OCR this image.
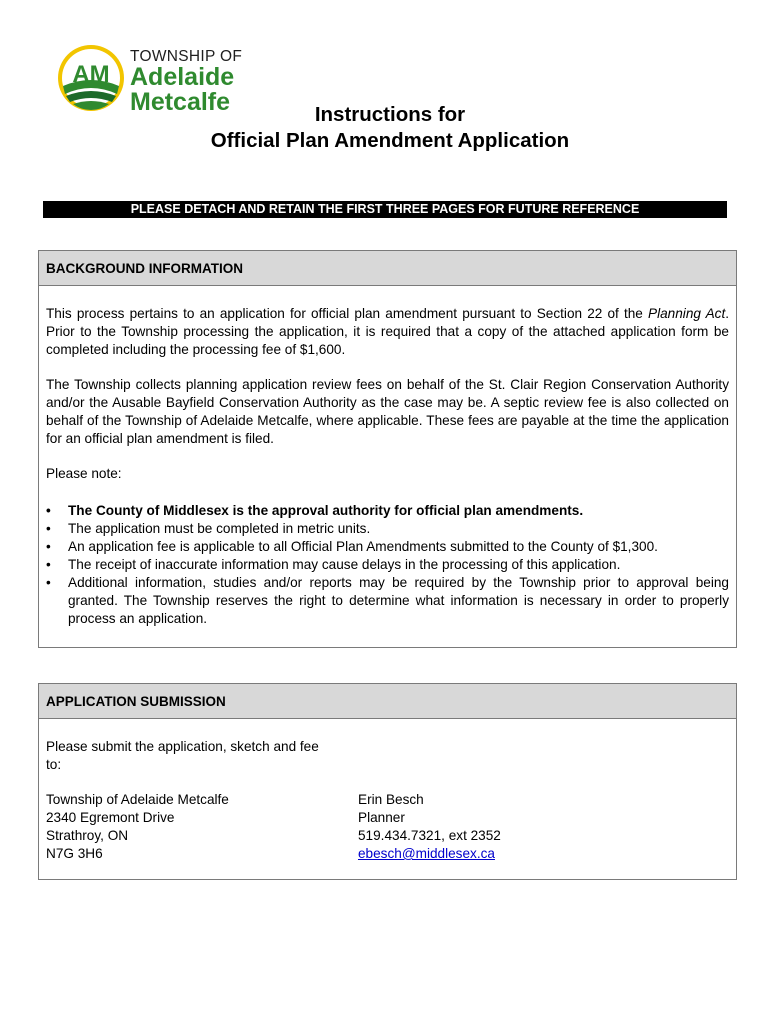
AM
TOWNSHIP OF
Adelaide
Metcalfe	Instructions for
Official Plan Amendment Application
PLEASE DETACH AND RETAIN THE FIRST THREE PAGES FOR FUTURE REFERENCE
BACKGROUND INFORMATION
This process pertains to an application for official plan amendment pursuant to Section 22 of the Planning Act. Prior to the Township processing the application, it is required that a copy of the attached application form be completed including the processing fee of $1,600.
The Township collects planning application review fees on behalf of the St. Clair Region Conservation Authority and/or the Ausable Bayfield Conservation Authority as the case may be. A septic review fee is also collected on behalf of the Township of Adelaide Metcalfe, where applicable. These fees are payable at the time the application for an official plan amendment is filed.
Please note:
• The County of Middlesex is the approval authority for official plan amendments.
• The application must be completed in metric units.
• An application fee is applicable to all Official Plan Amendments submitted to the County of $1,300.
• The receipt of inaccurate information may cause delays in the processing of this application.
• Additional information, studies and/or reports may be required by the Township prior to approval being granted. The Township reserves the right to determine what information is necessary in order to properly process an application.
APPLICATION SUBMISSION
Please submit the application, sketch and fee to:
Township of Adelaide Metcalfe
2340 Egremont Drive
Strathroy, ON
N7G 3H6
Erin Besch
Planner
519.434.7321, ext 2352
ebesch@middlesex.ca
